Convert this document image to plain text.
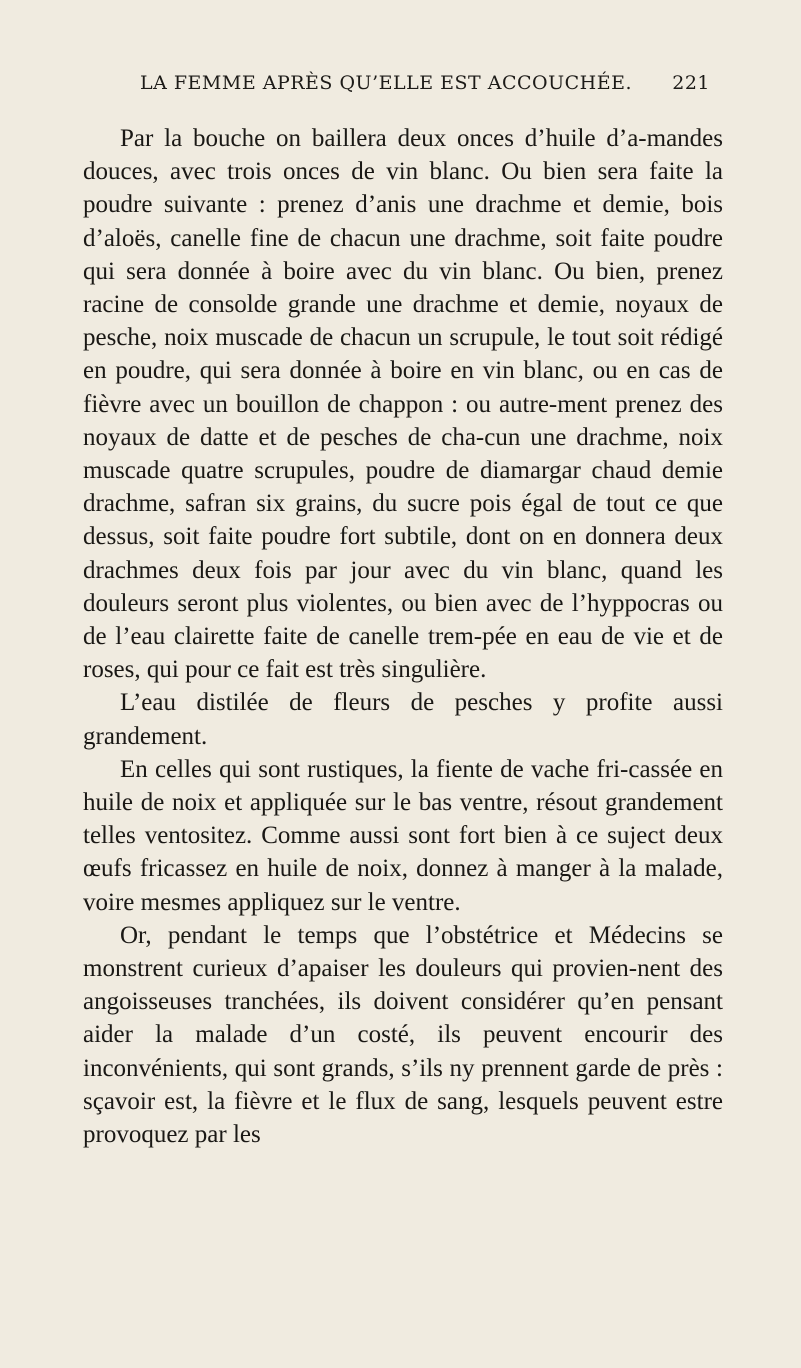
LA FEMME APRÈS QU’ELLE EST ACCOUCHÉE. 221

Par la bouche on baillera deux onces d’huile d’a-mandes douces, avec trois onces de vin blanc. Ou bien sera faite la poudre suivante : prenez d’anis une drachme et demie, bois d’aloës, canelle fine de chacun une drachme, soit faite poudre qui sera donnée à boire avec du vin blanc. Ou bien, prenez racine de consolde grande une drachme et demie, noyaux de pesche, noix muscade de chacun un scrupule, le tout soit rédigé en poudre, qui sera donnée à boire en vin blanc, ou en cas de fièvre avec un bouillon de chappon : ou autre-ment prenez des noyaux de datte et de pesches de cha-cun une drachme, noix muscade quatre scrupules, poudre de diamargar chaud demie drachme, safran six grains, du sucre pois égal de tout ce que dessus, soit faite poudre fort subtile, dont on en donnera deux drachmes deux fois par jour avec du vin blanc, quand les douleurs seront plus violentes, ou bien avec de l’hyppocras ou de l’eau clairette faite de canelle trem-pée en eau de vie et de roses, qui pour ce fait est très singulière.

L’eau distilée de fleurs de pesches y profite aussi grandement.

En celles qui sont rustiques, la fiente de vache fri-cassée en huile de noix et appliquée sur le bas ventre, résout grandement telles ventositez. Comme aussi sont fort bien à ce suject deux œufs fricassez en huile de noix, donnez à manger à la malade, voire mesmes appliquez sur le ventre.

Or, pendant le temps que l’obstétrice et Médecins se monstrent curieux d’apaiser les douleurs qui provien-nent des angoisseuses tranchées, ils doivent considérer qu’en pensant aider la malade d’un costé, ils peuvent encourir des inconvénients, qui sont grands, s’ils ny prennent garde de près : sçavoir est, la fièvre et le flux de sang, lesquels peuvent estre provoquez par les
